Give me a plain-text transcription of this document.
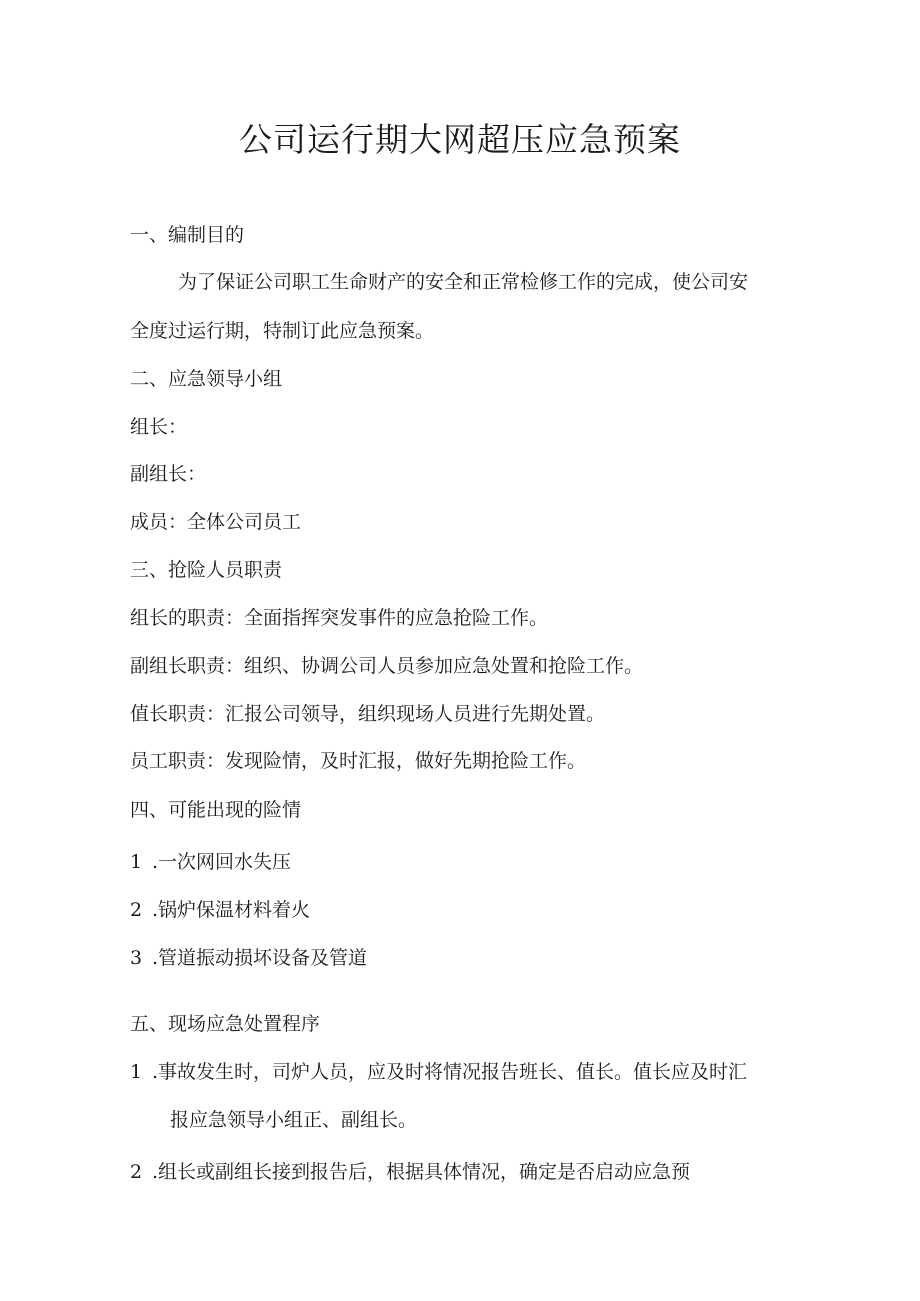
公司运行期大网超压应急预案
一、编制目的
为了保证公司职工生命财产的安全和正常检修工作的完成，使公司安
全度过运行期，特制订此应急预案。
二、应急领导小组
组长：
副组长：
成员：全体公司员工
三、抢险人员职责
组长的职责：全面指挥突发事件的应急抢险工作。
副组长职责：组织、协调公司人员参加应急处置和抢险工作。
值长职责：汇报公司领导，组织现场人员进行先期处置。
员工职责：发现险情，及时汇报，做好先期抢险工作。
四、可能出现的险情
1 .一次网回水失压
2 .锅炉保温材料着火
3 .管道振动损坏设备及管道
五、现场应急处置程序
1 .事故发生时，司炉人员，应及时将情况报告班长、值长。值长应及时汇
报应急领导小组正、副组长。
2 .组长或副组长接到报告后，根据具体情况，确定是否启动应急预
